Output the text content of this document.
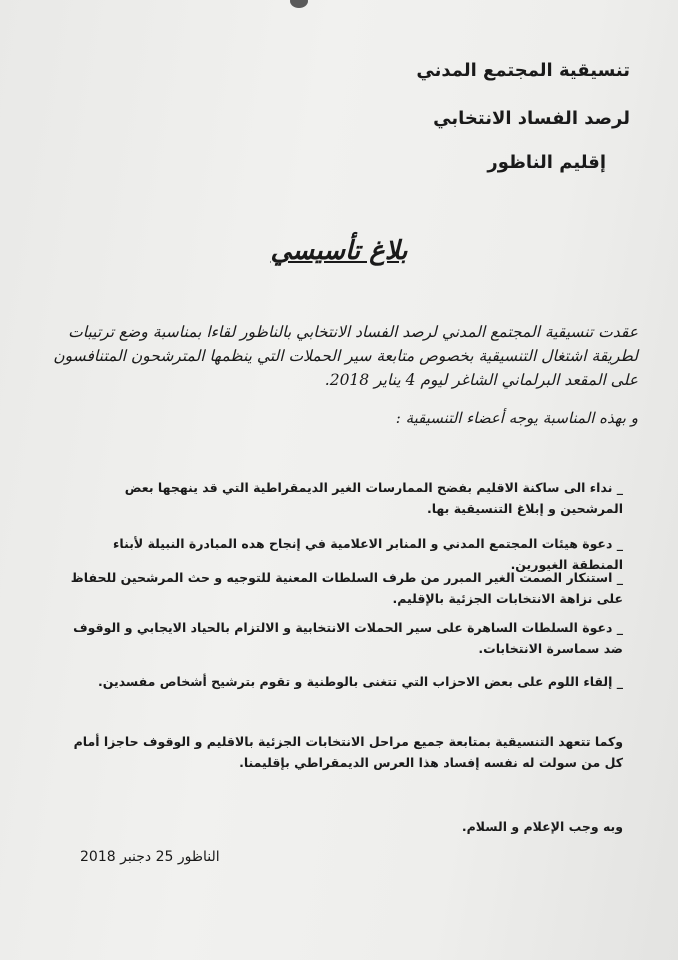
تنسيقية المجتمع المدني
لرصد الفساد الانتخابي
إقليم الناظور
بلاغ تأسيسي
عقدت تنسيقية المجتمع المدني لرصد الفساد الانتخابي بالناظور لقاءا بمناسبة وضع ترتيبات
لطريقة اشتغال التنسيقية بخصوص متابعة سير الحملات التي ينظمها المترشحون المتنافسون
على المقعد البرلماني الشاغر ليوم 4 يناير 2018.
و بهذه المناسبة يوجه أعضاء التنسيقية :
_ نداء الى ساكنة الاقليم بفضح الممارسات الغير الديمقراطية التي قد ينهجها بعض المرشحين و إبلاغ التنسيقية بها.
_ دعوة هيئات المجتمع المدني و المنابر الاعلامية في إنجاح هده المبادرة النبيلة لأبناء المنطقة الغيورين.
_ استنكار الصمت الغير المبرر من طرف السلطات المعنية للتوجيه و حث المرشحين للحفاظ على نزاهة الانتخابات الجزئية بالإقليم.
_ دعوة السلطات الساهرة على سير الحملات الانتخابية و الالتزام بالحياد الايجابي و الوقوف ضد سماسرة الانتخابات.
_ إلقاء اللوم على بعض الاحزاب التي تتغنى بالوطنية و تقوم بترشيح أشخاص مفسدين.
وكما تتعهد التنسيقية بمتابعة جميع مراحل الانتخابات الجزئية بالاقليم و الوقوف حاجزا أمام كل من سولت له نفسه إفساد هذا العرس الديمقراطي بإقليمنا.
وبه وجب الإعلام و السلام.
الناظور 25 دجنبر 2018
